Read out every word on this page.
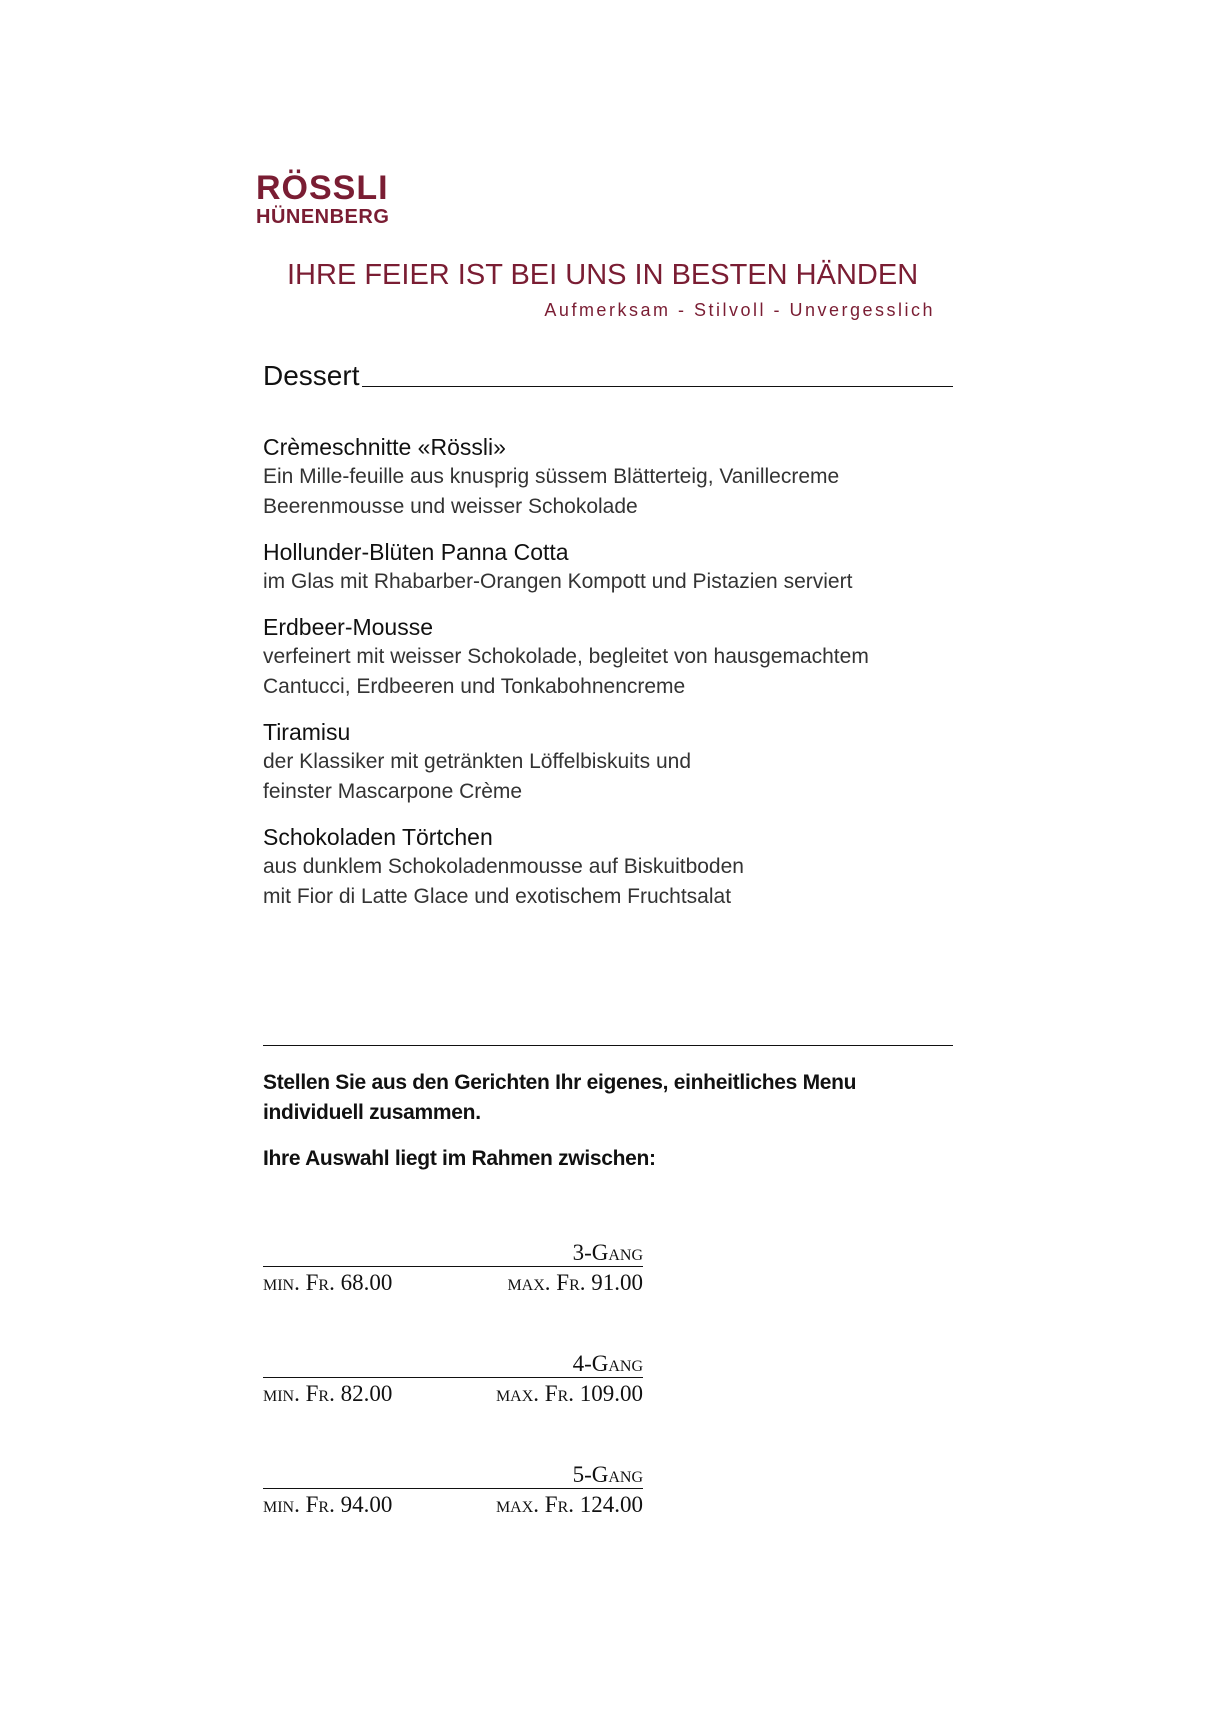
RÖSSLI
HÜNENBERG
IHRE FEIER IST BEI UNS IN BESTEN HÄNDEN
Aufmerksam - Stilvoll - Unvergesslich
Dessert
Crèmeschnitte «Rössli»
Ein Mille-feuille aus knusprig süssem Blätterteig, Vanillecreme
Beerenmousse und weisser Schokolade
Hollunder-Blüten Panna Cotta
im Glas mit Rhabarber-Orangen Kompott und Pistazien serviert
Erdbeer-Mousse
verfeinert mit weisser Schokolade, begleitet von hausgemachtem
Cantucci, Erdbeeren und Tonkabohnencreme
Tiramisu
der Klassiker mit getränkten Löffelbiskuits und
feinster Mascarpone Crème
Schokoladen Törtchen
aus dunklem Schokoladenmousse auf Biskuitboden
mit Fior di Latte Glace und exotischem Fruchtsalat

Stellen Sie aus den Gerichten Ihr eigenes, einheitliches Menu

individuell zusammen.

Ihre Auswahl liegt im Rahmen zwischen:

3-Gang
min. Fr. 68.00	max. Fr. 91.00
4-Gang
min. Fr. 82.00	max. Fr. 109.00
5-Gang
min. Fr. 94.00	max. Fr. 124.00
